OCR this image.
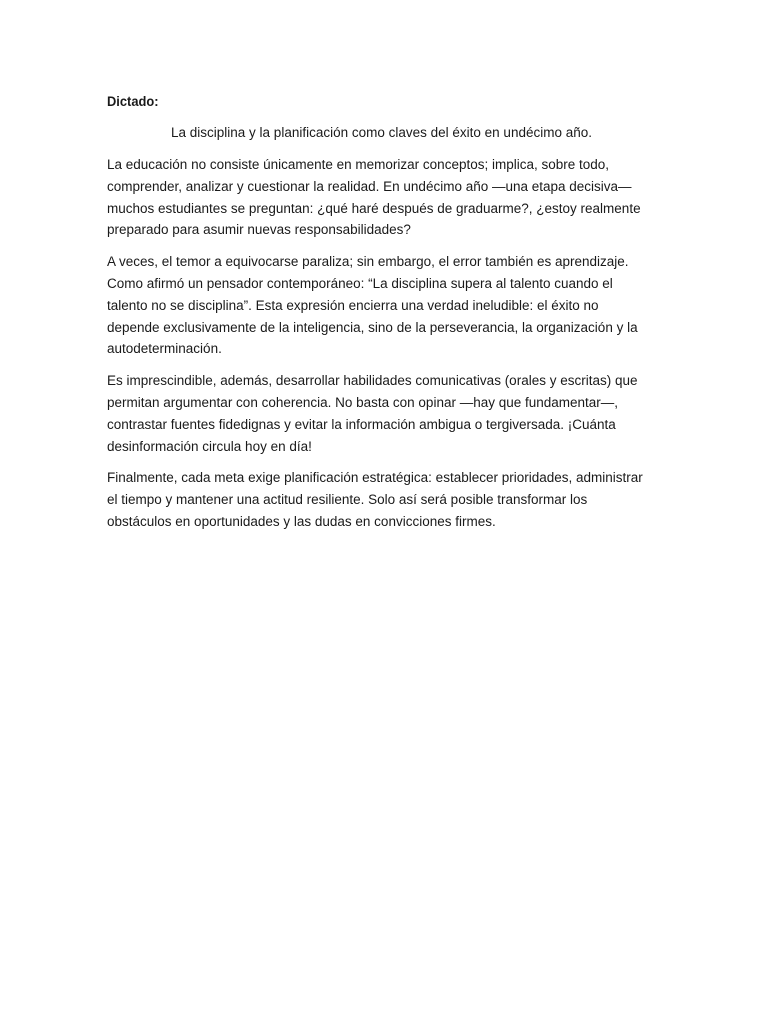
Dictado:
La disciplina y la planificación como claves del éxito en undécimo año.

La educación no consiste únicamente en memorizar conceptos; implica, sobre todo,
comprender, analizar y cuestionar la realidad. En undécimo año —una etapa decisiva—
muchos estudiantes se preguntan: ¿qué haré después de graduarme?, ¿estoy realmente
preparado para asumir nuevas responsabilidades?

A veces, el temor a equivocarse paraliza; sin embargo, el error también es aprendizaje.
Como afirmó un pensador contemporáneo: “La disciplina supera al talento cuando el
talento no se disciplina”. Esta expresión encierra una verdad ineludible: el éxito no
depende exclusivamente de la inteligencia, sino de la perseverancia, la organización y la
autodeterminación.

Es imprescindible, además, desarrollar habilidades comunicativas (orales y escritas) que
permitan argumentar con coherencia. No basta con opinar —hay que fundamentar—,
contrastar fuentes fidedignas y evitar la información ambigua o tergiversada. ¡Cuánta
desinformación circula hoy en día!

Finalmente, cada meta exige planificación estratégica: establecer prioridades, administrar
el tiempo y mantener una actitud resiliente. Solo así será posible transformar los
obstáculos en oportunidades y las dudas en convicciones firmes.
